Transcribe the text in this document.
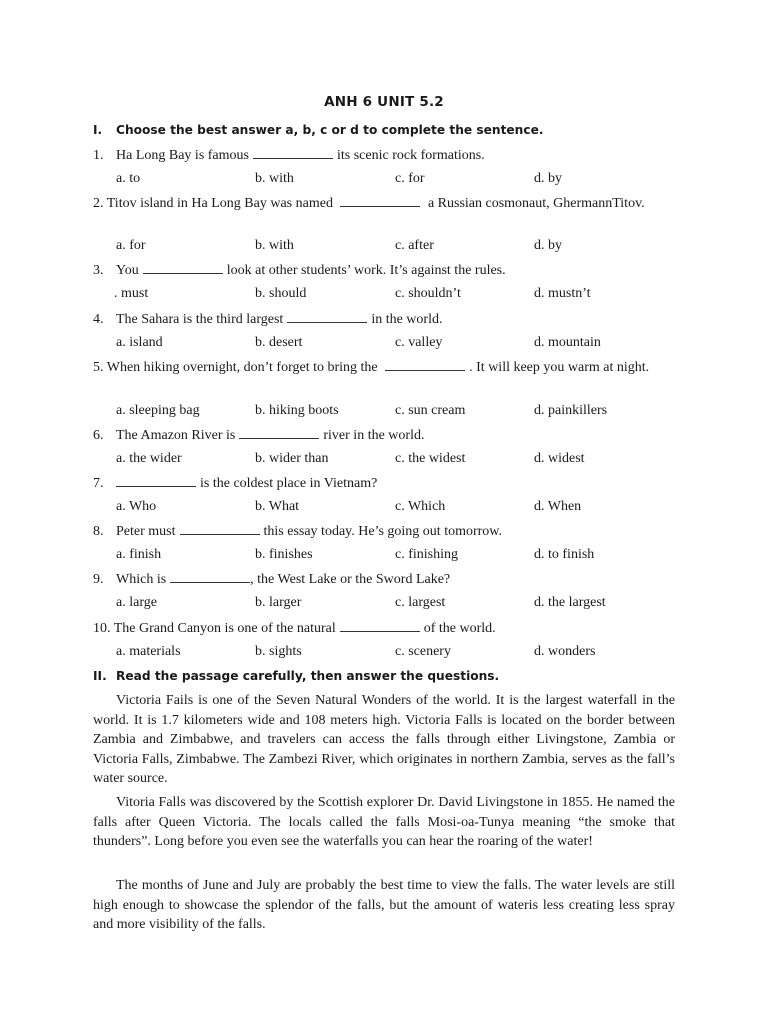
ANH 6 UNIT 5.2
I. Choose the best answer a, b, c or d to complete the sentence.
1. Ha Long Bay is famous	its scenic rock formations.
a. to	b. with	c. for	d. by
2. Titov island in Ha Long Bay was named	a Russian cosmonaut, GhermannTitov.
a. for	b. with	c. after	d. by
3. You	look at other students’ work. It’s against the rules.
. must	b. should	c. shouldn’t	d. mustn’t
4. The Sahara is the third largest	in the world.
a. island	b. desert	c. valley	d. mountain
5. When hiking overnight, don’t forget to bring the	. It will keep you warm at night.
a. sleeping bag	b. hiking boots	c. sun cream	d. painkillers
6. The Amazon River is	river in the world.
a. the wider	b. wider than	c. the widest	d. widest
7.	is the coldest place in Vietnam?
a. Who	b. What	c. Which	d. When
8. Peter must	this essay today. He’s going out tomorrow.
a. finish	b. finishes	c. finishing	d. to finish
9. Which is	, the West Lake or the Sword Lake?
a. large	b. larger	c. largest	d. the largest
10. The Grand Canyon is one of the natural	of the world.
a. materials	b. sights	c. scenery	d. wonders
II. Read the passage carefully, then answer the questions.

Victoria Fails is one of the Seven Natural Wonders of the world. It is the largest waterfall in the world. It is 1.7 kilometers wide and 108 meters high. Victoria Falls is located on the border between Zambia and Zimbabwe, and travelers can access the falls through either Livingstone, Zambia or Victoria Falls, Zimbabwe. The Zambezi River, which originates in northern Zambia, serves as the fall’s water source.

Vitoria Falls was discovered by the Scottish explorer Dr. David Livingstone in 1855. He named the falls after Queen Victoria. The locals called the falls Mosi-oa-Tunya meaning “the smoke that thunders”. Long before you even see the waterfalls you can hear the roaring of the water!

The months of June and July are probably the best time to view the falls. The water levels are still high enough to showcase the splendor of the falls, but the amount of wateris less creating less spray and more visibility of the falls.
